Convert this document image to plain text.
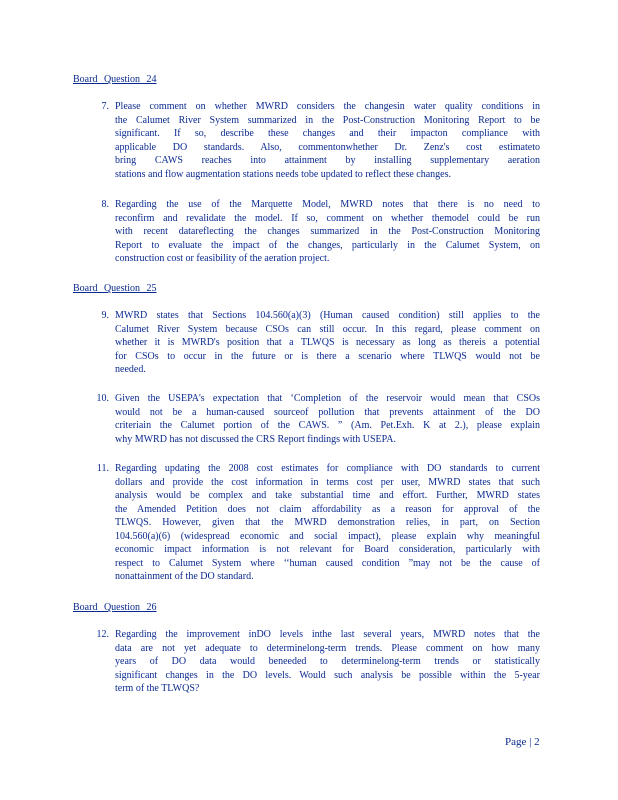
Board Question 24
7. Please comment on whether MWRD considers the changesin water quality conditions in
the Calumet River System summarized in the Post-Construction Monitoring Report to be
significant. If so, describe these changes and their impacton compliance with
applicable DO standards. Also, commentonwhether Dr. Zenz's cost estimateto
bring CAWS reaches into attainment by installing supplementary aeration
stations and flow augmentation stations needs tobe updated to reflect these changes.
8. Regarding the use of the Marquette Model, MWRD notes that there is no need to
reconfirm and revalidate the model. If so, comment on whether themodel could be run
with recent datareflecting the changes summarized in the Post-Construction Monitoring
Report to evaluate the impact of the changes, particularly in the Calumet System, on
construction cost or feasibility of the aeration project.
Board Question 25
9. MWRD states that Sections 104.560(a)(3) (Human caused condition) still applies to the
Calumet River System because CSOs can still occur. In this regard, please comment on
whether it is MWRD's position that a TLWQS is necessary as long as thereis a potential
for CSOs to occur in the future or is there a scenario where TLWQS would not be
needed.
10. Given the USEPA's expectation that ‘Completion of the reservoir would mean that CSOs
would not be a human-caused sourceof pollution that prevents attainment of the DO
criteriain the Calumet portion of the CAWS. ” (Am. Pet.Exh. K at 2.), please explain
why MWRD has not discussed the CRS Report findings with USEPA.
11. Regarding updating the 2008 cost estimates for compliance with DO standards to current
dollars and provide the cost information in terms cost per user, MWRD states that such
analysis would be complex and take substantial time and effort. Further, MWRD states
the Amended Petition does not claim affordability as a reason for approval of the
TLWQS. However, given that the MWRD demonstration relies, in part, on Section
104.560(a)(6) (widespread economic and social impact), please explain why meaningful
economic impact information is not relevant for Board consideration, particularly with
respect to Calumet System where ‘‘human caused condition ”may not be the cause of
nonattainment of the DO standard.
Board Question 26
12. Regarding the improvement inDO levels inthe last several years, MWRD notes that the
data are not yet adequate to determinelong-term trends. Please comment on how many
years of DO data would beneeded to determinelong-term trends or statistically
significant changes in the DO levels. Would such analysis be possible within the 5-year
term of the TLWQS?
Page | 2
